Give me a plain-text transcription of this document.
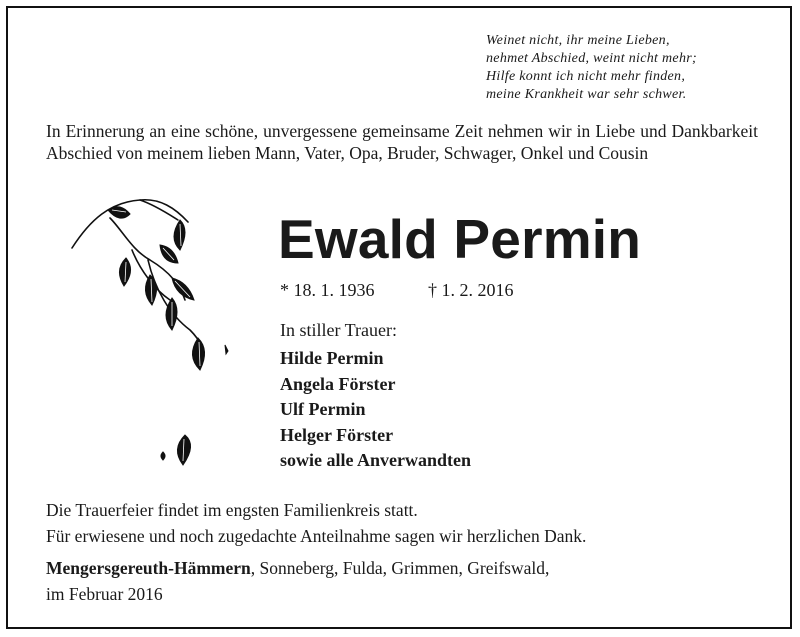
Weinet nicht, ihr meine Lieben,
nehmet Abschied, weint nicht mehr;
Hilfe konnt ich nicht mehr finden,
meine Krankheit war sehr schwer.
In Erinnerung an eine schöne, unvergessene gemeinsame Zeit nehmen wir in Liebe und Dankbarkeit Abschied von meinem lieben Mann, Vater, Opa, Bruder, Schwager, Onkel und Cousin
Ewald Permin
* 18. 1. 1936	† 1. 2. 2016
In stiller Trauer:
Hilde Permin
Angela Förster
Ulf Permin
Helger Förster
sowie alle Anverwandten
Die Trauerfeier findet im engsten Familienkreis statt.
Für erwiesene und noch zugedachte Anteilnahme sagen wir herzlichen Dank.
Mengersgereuth-Hämmern, Sonneberg, Fulda, Grimmen, Greifswald,
im Februar 2016
